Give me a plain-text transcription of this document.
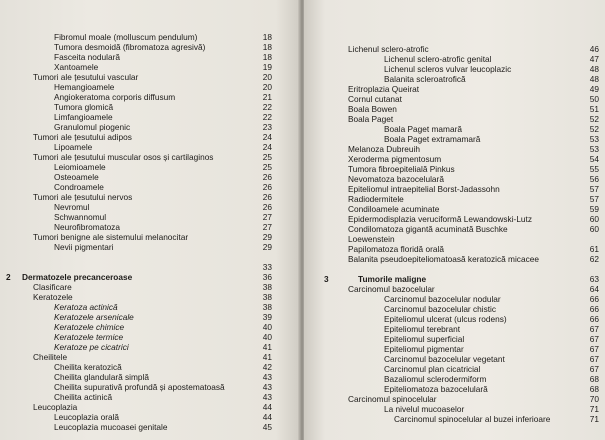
Fibromul moale (molluscum pendulum)	18
Tumora desmoidă (fibromatoza agresivă)	18
Fasceita nodulară	18
Xantoamele	19
Tumori ale țesutului vascular	20
Hemangioamele	20
Angiokeratoma corporis diffusum	21
Tumora glomică	22
Limfangioamele	22
Granulomul piogenic	23
Tumori ale țesutului adipos	24
Lipoamele	24
Tumori ale țesutului muscular osos și cartilaginos	25
Leiomioamele	25
Osteoamele	26
Condroamele	26
Tumori ale țesutului nervos	26
Nevromul	26
Schwannomul	27
Neurofibromatoza	27
Tumori benigne ale sistemului melanocitar	29
Nevii pigmentari	29
33
2 Dermatozele precanceroase	36
Clasificare	38
Keratozele	38
Keratoza actinică	38
Keratozele arsenicale	39
Keratozele chimice	40
Keratozele termice	40
Keratoze pe cicatrici	41
Cheilitele	41
Cheilita keratozică	42
Cheilita glandulară simplă	43
Cheilita supurativă profundă și apostematoasă	43
Cheilita actinică	43
Leucoplazia	44
Leucoplazia orală	44
Leucoplazia mucoasei genitale	45
Lichenul sclero-atrofic	46
Lichenul sclero-atrofic genital	47
Lichenul scleros vulvar leucoplazic	48
Balanita scleroatrofică	48
Eritroplazia Queirat	49
Cornul cutanat	50
Boala Bowen	51
Boala Paget	52
Boala Paget mamară	52
Boala Paget extramamară	53
Melanoza Dubreuih	53
Xeroderma pigmentosum	54
Tumora fibroepitelială Pinkus	55
Nevomatoza bazocelulară	56
Epiteliomul intraepitelial Borst-Jadassohn	57
Radiodermitele	57
Condiloamele acuminate	59
Epidermodisplazia veruciformă Lewandowski-Lutz	60
Condilomatoza gigantă acuminată Buschke	60
Loewenstein
Papilomatoza floridă orală	61
Balanita pseudoepiteliomatoasă keratozică micacee	62
3	Tumorile maligne	63
Carcinomul bazocelular	64
Carcinomul bazocelular nodular	66
Carcinomul bazocelular chistic	66
Epiteliomul ulcerat (ulcus rodens)	66
Epiteliomul terebrant	67
Epiteliomul superficial	67
Epiteliomul pigmentar	67
Carcinomul bazocelular vegetant	67
Carcinomul plan cicatricial	67
Bazaliomul sclerodermiform	68
Epiteliomatoza bazocelulară	68
Carcinomul spinocelular	70
La nivelul mucoaselor	71
Carcinomul spinocelular al buzei inferioare	71
